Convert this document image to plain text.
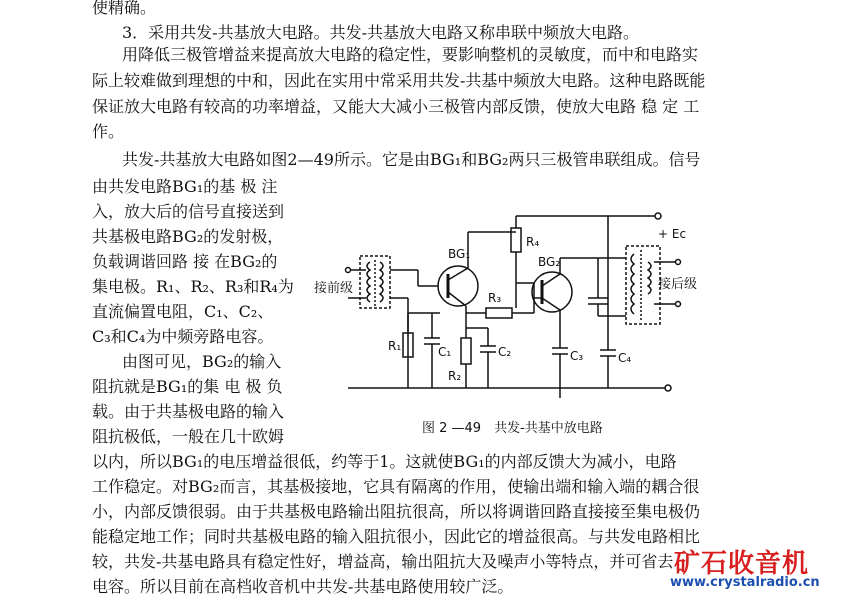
使精确。
3．采用共发-共基放大电路。共发-共基放大电路又称串联中频放大电路。
用降低三极管增益来提高放大电路的稳定性，要影响整机的灵敏度，而中和电路实
际上较难做到理想的中和，因此在实用中常采用共发-共基中频放大电路。这种电路既能
保证放大电路有较高的功率增益，又能大大减小三极管内部反馈，使放大电路 稳 定 工
作。
共发-共基放大电路如图2—49所示。它是由BG₁和BG₂两只三极管串联组成。信号
由共发电路BG₁的基 极 注
入，放大后的信号直接送到
共基极电路BG₂的发射极，
负载调谐回路 接 在BG₂的
集电极。R₁、R₂、R₃和R₄为
直流偏置电阻，C₁、C₂、
C₃和C₄为中频旁路电容。
由图可见，BG₂的输入
阻抗就是BG₁的集 电 极 负
载。由于共基极电路的输入
阻抗极低，一般在几十欧姆
以内，所以BG₁的电压增益很低，约等于1。这就使BG₁的内部反馈大为减小，电路
工作稳定。对BG₂而言，其基极接地，它具有隔离的作用，使输出端和输入端的耦合很
小，内部反馈很弱。由于共基极电路输出阻抗很高，所以将调谐回路直接接至集电极仍
能稳定地工作；同时共基极电路的输入阻抗很小，因此它的增益很高。与共发电路相比
较，共发-共基电路具有稳定性好，增益高，输出阻抗大及噪声小等特点，并可省去
电容。所以目前在高档收音机中共发-共基电路使用较广泛。
BG₁
BG₂
R₄
R₃
R₁	C₁
R₂
C₂	C₃	C₄
+ Eᴄ
接前级	接后级
图 2 —49　共发-共基中放电路
矿石收音机
www.crystalradio.cn
